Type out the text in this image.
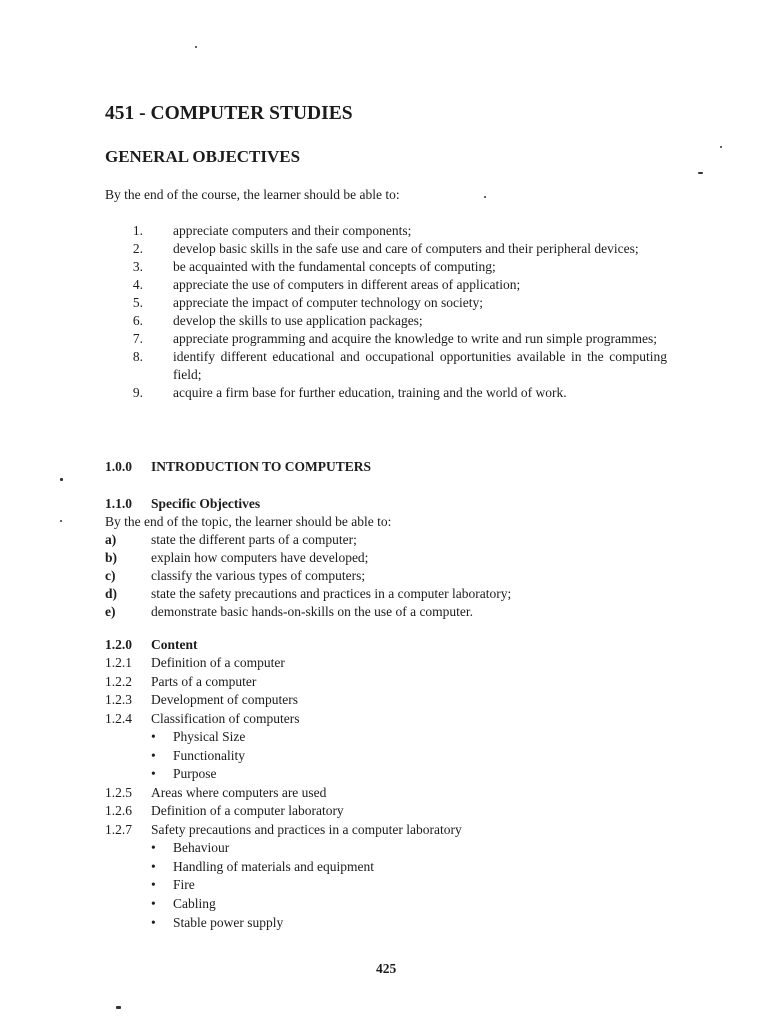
451 - COMPUTER STUDIES
GENERAL OBJECTIVES
By the end of the course, the learner should be able to:
1. appreciate computers and their components;
2. develop basic skills in the safe use and care of computers and their peripheral devices;
3. be acquainted with the fundamental concepts of computing;
4. appreciate the use of computers in different areas of application;
5. appreciate the impact of computer technology on society;
6. develop the skills to use application packages;
7. appreciate programming and acquire the knowledge to write and run simple programmes;
8. identify different educational and occupational opportunities available in the computing field;
9. acquire a firm base for further education, training and the world of work.
1.0.0 INTRODUCTION TO COMPUTERS
1.1.0 Specific Objectives
By the end of the topic, the learner should be able to:
a)	state the different parts of a computer;
b)	explain how computers have developed;
c)	classify the various types of computers;
d)	state the safety precautions and practices in a computer laboratory;
e)	demonstrate basic hands-on-skills on the use of a computer.
1.2.0 Content
1.2.1	Definition of a computer
1.2.2	Parts of a computer
1.2.3	Development of computers
1.2.4	Classification of computers
•	Physical Size
•	Functionality
•	Purpose
1.2.5	Areas where computers are used
1.2.6	Definition of a computer laboratory
1.2.7	Safety precautions and practices in a computer laboratory
•	Behaviour
•	Handling of materials and equipment
•	Fire
•	Cabling
•	Stable power supply
425
